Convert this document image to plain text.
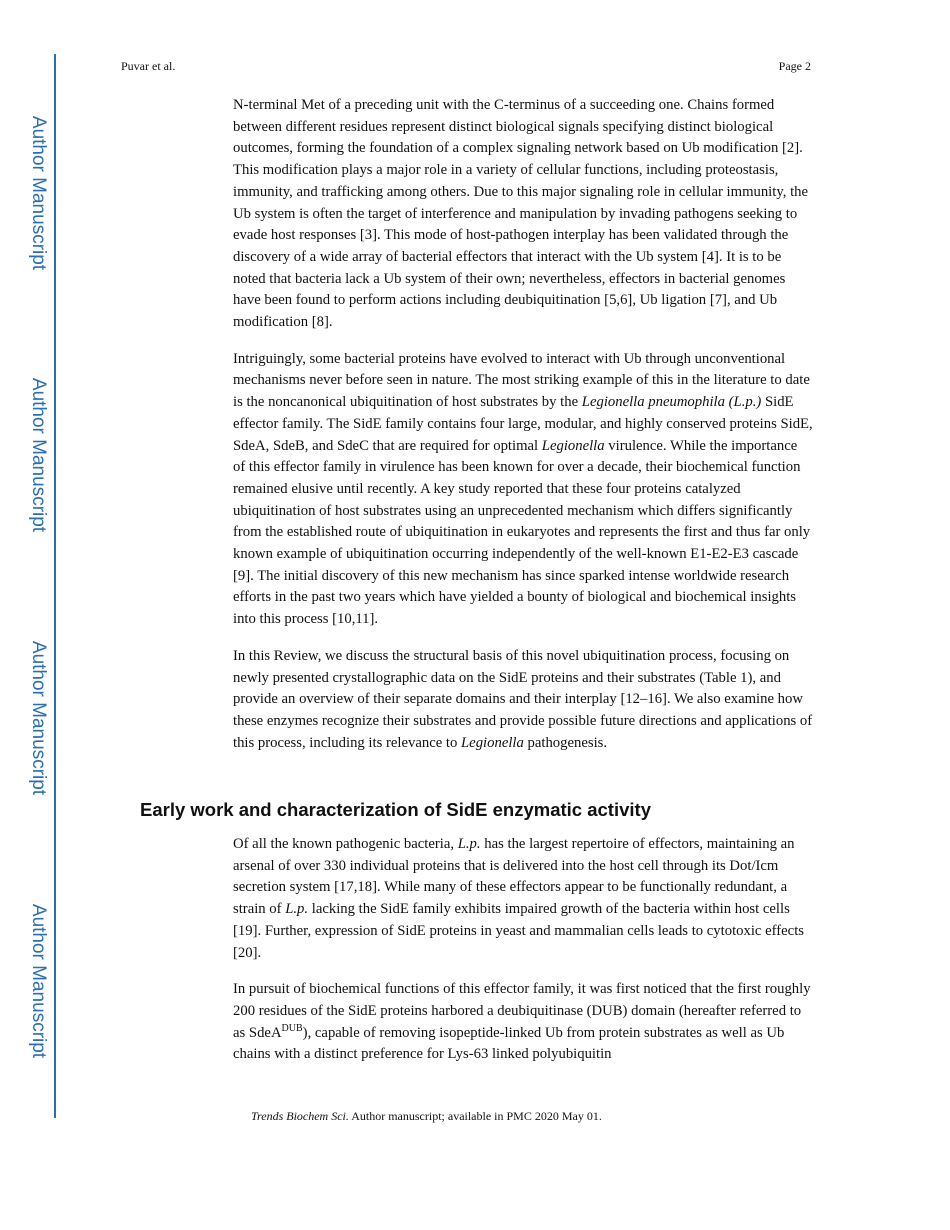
Author Manuscript
Author Manuscript
Author Manuscript
Author Manuscript
Puvar et al.	Page 2

N-terminal Met of a preceding unit with the C-terminus of a succeeding one. Chains formed between different residues represent distinct biological signals specifying distinct biological outcomes, forming the foundation of a complex signaling network based on Ub modification [2]. This modification plays a major role in a variety of cellular functions, including proteostasis, immunity, and trafficking among others. Due to this major signaling role in cellular immunity, the Ub system is often the target of interference and manipulation by invading pathogens seeking to evade host responses [3]. This mode of host-pathogen interplay has been validated through the discovery of a wide array of bacterial effectors that interact with the Ub system [4]. It is to be noted that bacteria lack a Ub system of their own; nevertheless, effectors in bacterial genomes have been found to perform actions including deubiquitination [5,6], Ub ligation [7], and Ub modification [8].

Intriguingly, some bacterial proteins have evolved to interact with Ub through unconventional mechanisms never before seen in nature. The most striking example of this in the literature to date is the noncanonical ubiquitination of host substrates by the Legionella pneumophila (L.p.) SidE effector family. The SidE family contains four large, modular, and highly conserved proteins SidE, SdeA, SdeB, and SdeC that are required for optimal Legionella virulence. While the importance of this effector family in virulence has been known for over a decade, their biochemical function remained elusive until recently. A key study reported that these four proteins catalyzed ubiquitination of host substrates using an unprecedented mechanism which differs significantly from the established route of ubiquitination in eukaryotes and represents the first and thus far only known example of ubiquitination occurring independently of the well-known E1-E2-E3 cascade [9]. The initial discovery of this new mechanism has since sparked intense worldwide research efforts in the past two years which have yielded a bounty of biological and biochemical insights into this process [10,11].

In this Review, we discuss the structural basis of this novel ubiquitination process, focusing on newly presented crystallographic data on the SidE proteins and their substrates (Table 1), and provide an overview of their separate domains and their interplay [12–16]. We also examine how these enzymes recognize their substrates and provide possible future directions and applications of this process, including its relevance to Legionella pathogenesis.

Early work and characterization of SidE enzymatic activity

Of all the known pathogenic bacteria, L.p. has the largest repertoire of effectors, maintaining an arsenal of over 330 individual proteins that is delivered into the host cell through its Dot/Icm secretion system [17,18]. While many of these effectors appear to be functionally redundant, a strain of L.p. lacking the SidE family exhibits impaired growth of the bacteria within host cells [19]. Further, expression of SidE proteins in yeast and mammalian cells leads to cytotoxic effects [20].

In pursuit of biochemical functions of this effector family, it was first noticed that the first roughly 200 residues of the SidE proteins harbored a deubiquitinase (DUB) domain (hereafter referred to as SdeA$^{DUB}$), capable of removing isopeptide-linked Ub from protein substrates as well as Ub chains with a distinct preference for Lys-63 linked polyubiquitin

Trends Biochem Sci. Author manuscript; available in PMC 2020 May 01.
